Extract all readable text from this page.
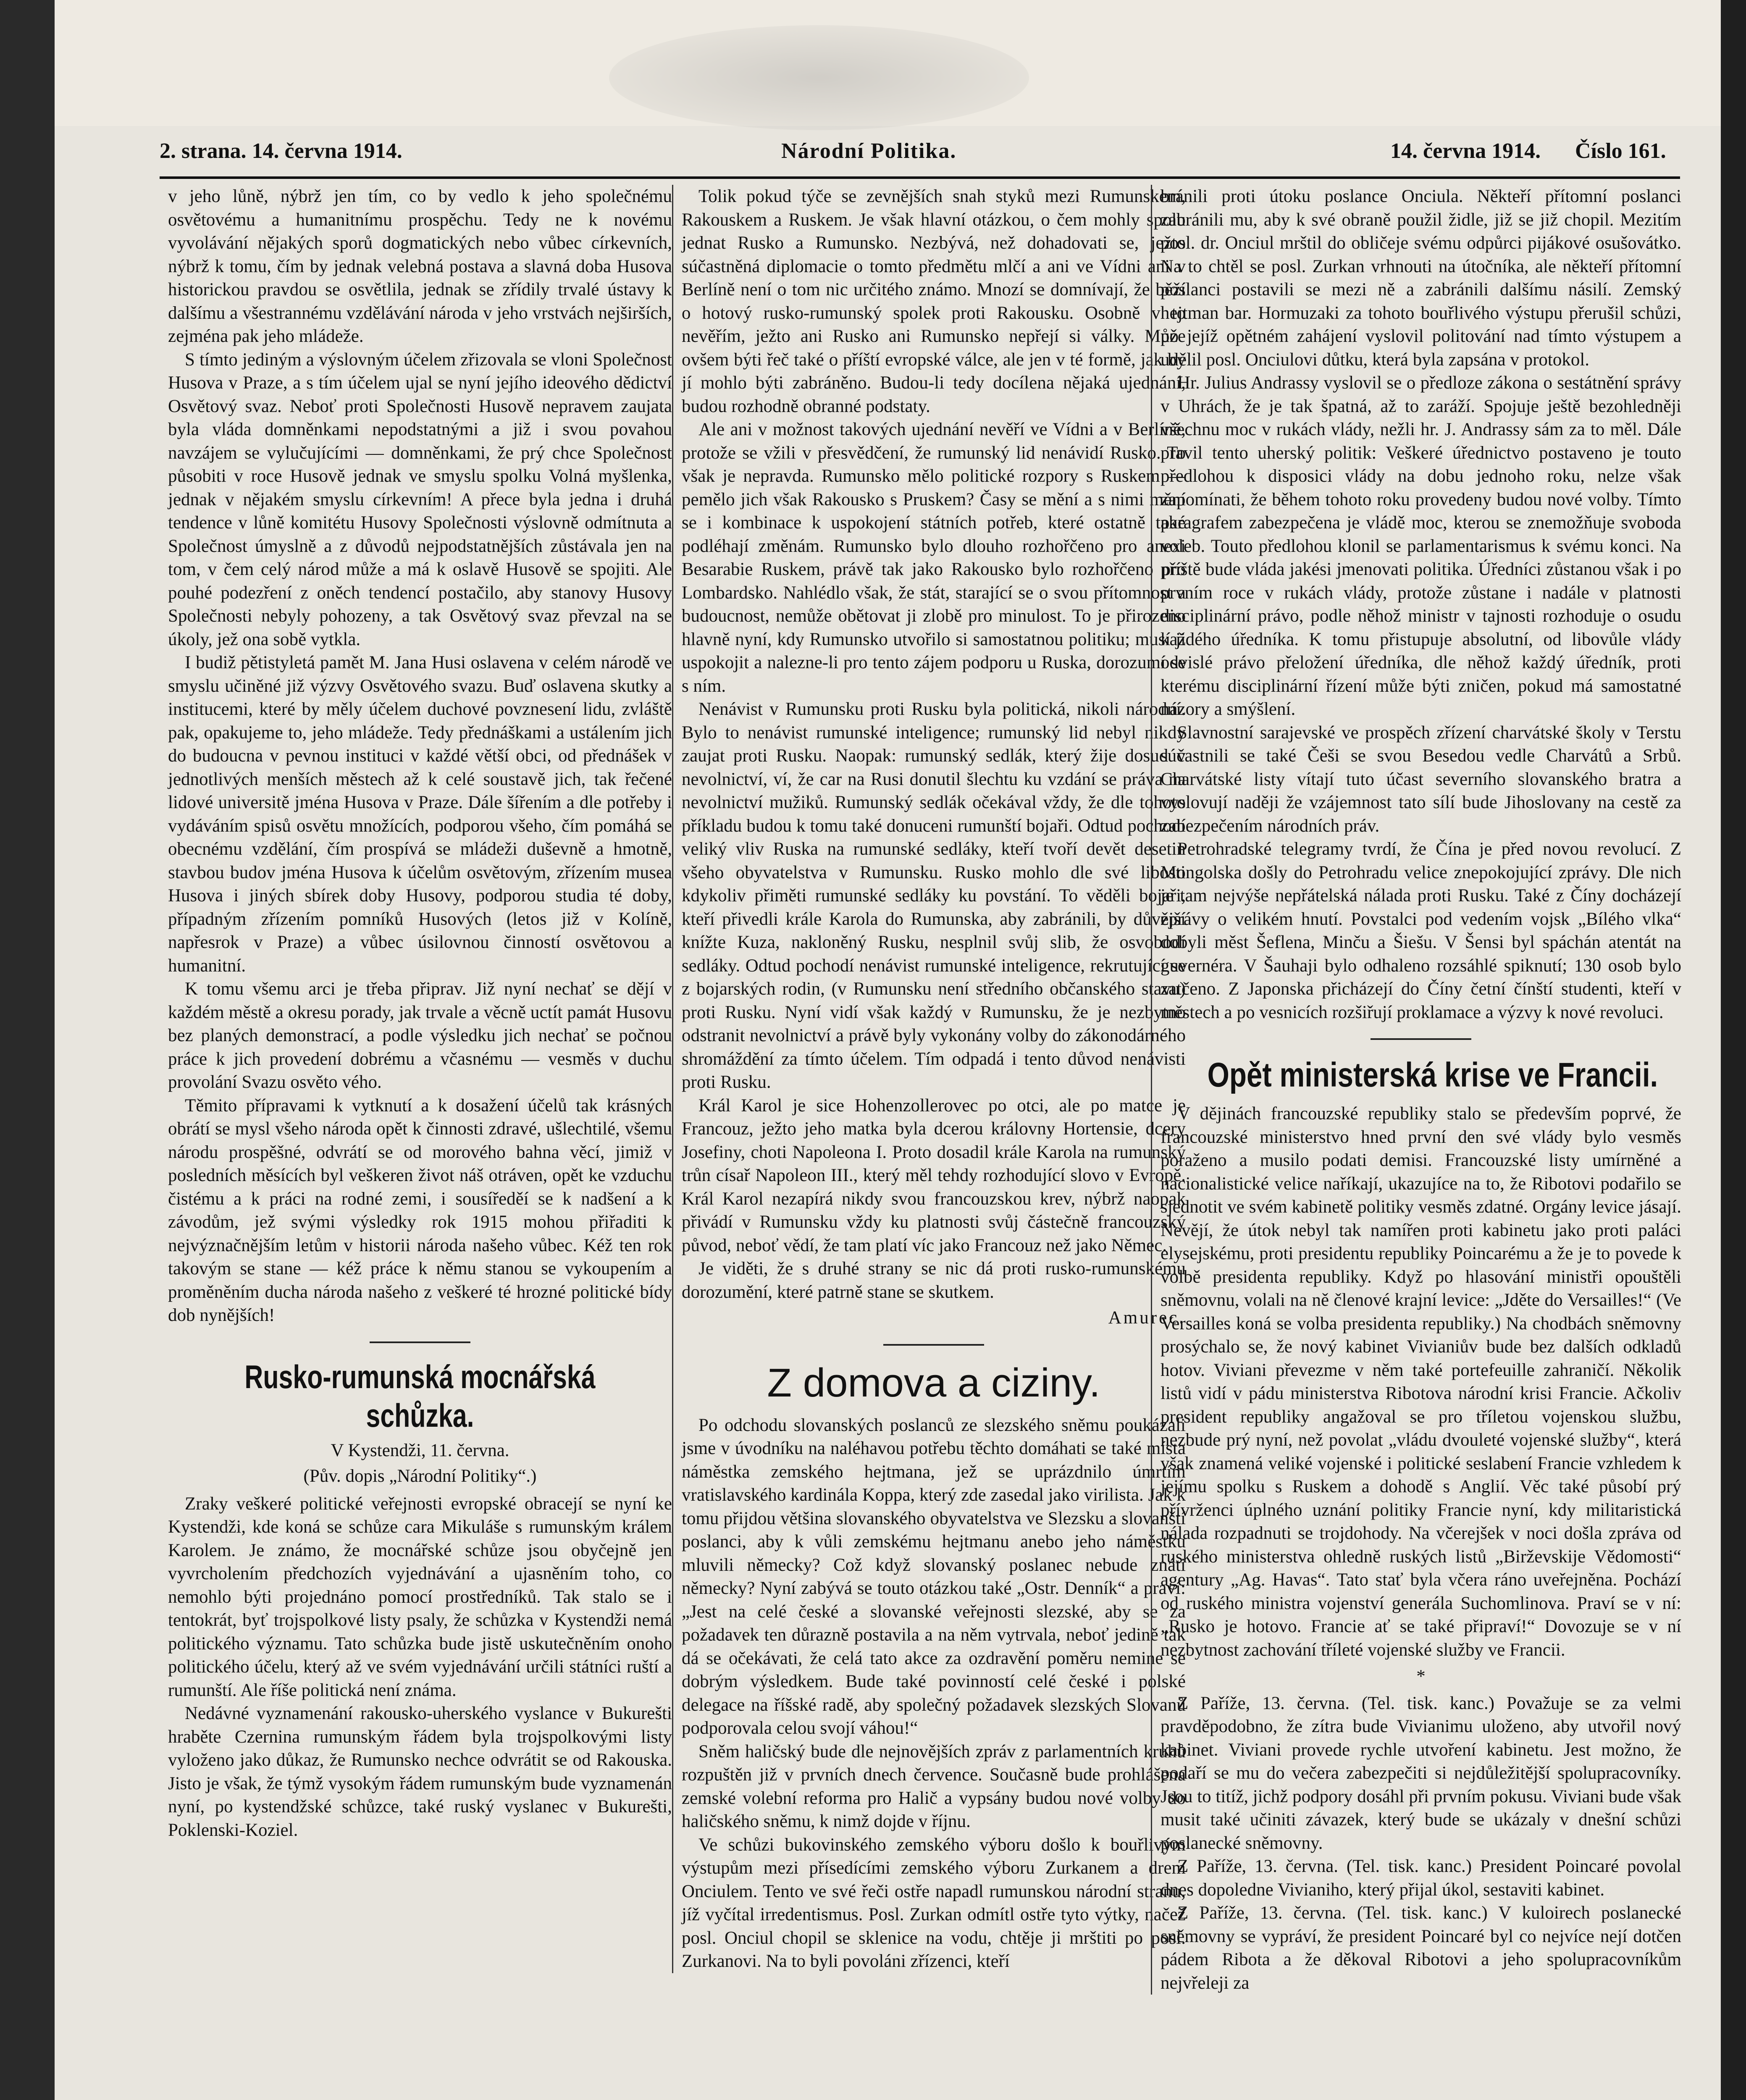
2. strana. 14. června 1914.	Národní Politika.	14. června 1914. Číslo 161.

v jeho lůně, nýbrž jen tím, co by vedlo k jeho společnému osvětovému a humanitnímu prospěchu. Tedy ne k novému vyvolávání nějakých sporů dogmatických nebo vůbec církevních, nýbrž k tomu, čím by jednak velebná postava a slavná doba Husova historickou pravdou se osvětlila, jednak se zřídily trvalé ústavy k dalšímu a všestrannému vzdělávání národa v jeho vrstvách nejširších, zejména pak jeho mládeže.

S tímto jediným a výslovným účelem zřizovala se vloni Společnost Husova v Praze, a s tím účelem ujal se nyní jejího ideového dědictví Osvětový svaz. Neboť proti Společnosti Husově nepravem zaujata byla vláda domněnkami nepodstatnými a již i svou povahou navzájem se vylučujícími — domněnkami, že prý chce Společnost působiti v roce Husově jednak ve smyslu spolku Volná myšlenka, jednak v nějakém smyslu církevním! A přece byla jedna i druhá tendence v lůně komitétu Husovy Společnosti výslovně odmítnuta a Společnost úmyslně a z důvodů nejpodstatnějších zůstávala jen na tom, v čem celý národ může a má k oslavě Husově se spojiti. Ale pouhé podezření z oněch tendencí postačilo, aby stanovy Husovy Společnosti nebyly pohozeny, a tak Osvětový svaz převzal na se úkoly, jež ona sobě vytkla.

I budiž pětistyletá pamět M. Jana Husi oslavena v celém národě ve smyslu učiněné již výzvy Osvětového svazu. Buď oslavena skutky a institucemi, které by měly účelem duchové povznesení lidu, zvláště pak, opakujeme to, jeho mládeže. Tedy přednáškami a ustálením jich do budoucna v pevnou instituci v každé větší obci, od přednášek v jednotlivých menších městech až k celé soustavě jich, tak řečené lidové universitě jména Husova v Praze. Dále šířením a dle potřeby i vydáváním spisů osvětu množících, podporou všeho, čím pomáhá se obecnému vzdělání, čím prospívá se mládeži duševně a hmotně, stavbou budov jména Husova k účelům osvětovým, zřízením musea Husova i jiných sbírek doby Husovy, podporou studia té doby, případným zřízením pomníků Husových (letos již v Kolíně, napřesrok v Praze) a vůbec úsilovnou činností osvětovou a humanitní.

K tomu všemu arci je třeba připrav. Již nyní nechať se dějí v každém městě a okresu porady, jak trvale a věcně uctít památ Husovu bez planých demonstrací, a podle výsledku jich nechať se počnou práce k jich provedení dobrému a včasnému — vesměs v duchu provolání Svazu osvěto vého.

Těmito přípravami k vytknutí a k dosažení účelů tak krásných obrátí se mysl všeho národa opět k činnosti zdravé, ušlechtilé, všemu národu prospěšné, odvrátí se od morového bahna věcí, jimiž v posledních měsících byl veškeren život náš otráven, opět ke vzduchu čistému a k práci na rodné zemi, i sousíředěí se k nadšení a k závodům, jež svými výsledky rok 1915 mohou přiřaditi k nejvýznačnějším letům v historii národa našeho vůbec. Kéž ten rok takovým se stane — kéž práce k němu stanou se vykoupením a proměněním ducha národa našeho z veškeré té hrozné politické bídy dob nynějších!

Rusko-rumunská mocnářská
schůzka.
V Kystendži, 11. června.
(Pův. dopis „Národní Politiky“.)

Zraky veškeré politické veřejnosti evropské obracejí se nyní ke Kystendži, kde koná se schůze cara Mikuláše s rumunským králem Karolem. Je známo, že mocnářské schůze jsou obyčejně jen vyvrcholením předchozích vyjednávání a ujasněním toho, co nemohlo býti projednáno pomocí prostředníků. Tak stalo se i tentokrát, byť trojspolkové listy psaly, že schůzka v Kystendži nemá politického významu. Tato schůzka bude jistě uskutečněním onoho politického účelu, který až ve svém vyjednávání určili státníci ruští a rumunští. Ale říše politická není známa.

Nedávné vyznamenání rakousko-uherského vyslance v Bukurešti hraběte Czernina rumunským řádem byla trojspolkovými listy vyloženo jako důkaz, že Rumunsko nechce odvrátit se od Rakouska. Jisto je však, že týmž vysokým řádem rumunským bude vyznamenán nyní, po kystendžské schůzce, také ruský vyslanec v Bukurešti, Poklenski-Koziel.

Tolik pokud týče se zevnějších snah styků mezi Rumunskem, Rakouskem a Ruskem. Je však hlavní otázkou, o čem mohly spolu jednat Rusko a Rumunsko. Nezbývá, než dohadovati se, ježto súčastněná diplomacie o tomto předmětu mlčí a ani ve Vídni ani v Berlíně není o tom nic určitého známo. Mnozí se domnívají, že běží o hotový rusko-rumunský spolek proti Rakousku. Osobně v to nevěřím, ježto ani Rusko ani Rumunsko nepřejí si války. Může ovšem býti řeč také o příští evropské válce, ale jen v té formě, jak by jí mohlo býti zabráněno. Budou-li tedy docílena nějaká ujednání, budou rozhodně obranné podstaty.

Ale ani v možnost takových ujednání nevěří ve Vídni a v Berlíně, protože se vžili v přesvědčení, že rumunský lid nenávidí Rusko. To však je nepravda. Rumunsko mělo politické rozpory s Ruskem — pemělo jich však Rakousko s Pruskem? Časy se mění a s nimi mění se i kombinace k uspokojení státních potřeb, které ostatně také podléhají změnám. Rumunsko bylo dlouho rozhořčeno pro anexi Besarabie Ruskem, právě tak jako Rakousko bylo rozhořčeno pro Lombardsko. Nahlédlo však, že stát, starající se o svou přítomnost a budoucnost, nemůže obětovat ji zlobě pro minulost. To je přirozeno hlavně nyní, kdy Rumunsko utvořilo si samostatnou politiku; musí ji uspokojit a nalezne-li pro tento zájem podporu u Ruska, dorozumí se s ním.

Nenávist v Rumunsku proti Rusku byla politická, nikoli národní. Bylo to nenávist rumunské inteligence; rumunský lid nebyl nikdy zaujat proti Rusku. Naopak: rumunský sedlák, který žije dosud v nevolnictví, ví, že car na Rusi donutil šlechtu ku vzdání se práva na nevolnictví mužiků. Rumunský sedlák očekával vždy, že dle tohoto příkladu budou k tomu také donuceni rumunští bojaři. Odtud pochodí veliký vliv Ruska na rumunské sedláky, kteří tvoří devět desetin všeho obyvatelstva v Rumunsku. Rusko mohlo dle své libosti kdykoliv přiměti rumunské sedláky ku povstání. To věděli bojaři, kteří přivedli krále Karola do Rumunska, aby zabránili, by důvější knížte Kuza, nakloněný Rusku, nesplnil svůj slib, že osvobodí sedláky. Odtud pochodí nenávist rumunské inteligence, rekrutující se z bojarských rodin, (v Rumunsku není středního občanského stavu) proti Rusku. Nyní vidí však každý v Rumunsku, že je nezbytno odstranit nevolnictví a právě byly vykonány volby do zákonodárného shromáždění za tímto účelem. Tím odpadá i tento důvod nenávisti proti Rusku.

Král Karol je sice Hohenzollerovec po otci, ale po matce je Francouz, ježto jeho matka byla dcerou královny Hortensie, dcery Josefiny, choti Napoleona I. Proto dosadil krále Karola na rumunský trůn císař Napoleon III., který měl tehdy rozhodující slovo v Evropě. Král Karol nezapírá nikdy svou francouzskou krev, nýbrž naopak přivádí v Rumunsku vždy ku platnosti svůj částečně francouzský původ, neboť vědí, že tam platí víc jako Francouz než jako Němec.

Je viděti, že s druhé strany se nic dá proti rusko-rumunskému dorozumění, které patrně stane se skutkem.

Amurec.
Z domova a ciziny.

Po odchodu slovanských poslanců ze slezského sněmu poukázali jsme v úvodníku na naléhavou potřebu těchto domáhati se také místa náměstka zemského hejtmana, jež se uprázdnilo úmrtím vratislavského kardinála Koppa, který zde zasedal jako virilista. Jak k tomu přijdou většina slovanského obyvatelstva ve Slezsku a slovanští poslanci, aby k vůli zemskému hejtmanu anebo jeho náměstku mluvili německy? Což když slovanský poslanec nebude znáti německy? Nyní zabývá se touto otázkou také „Ostr. Denník“ a praví: „Jest na celé české a slovanské veřejnosti slezské, aby se za požadavek ten důrazně postavila a na něm vytrvala, neboť jedině tak dá se očekávati, že celá tato akce za ozdravění poměru nemine se dobrým výsledkem. Bude také povinností celé české i polské delegace na říšské radě, aby společný požadavek slezských Slovanů podporovala celou svojí váhou!“

Sněm haličský bude dle nejnovějších zpráv z parlamentních kruhů rozpuštěn již v prvních dnech července. Současně bude prohlášena zemské volební reforma pro Halič a vypsány budou nové volby do haličského sněmu, k nimž dojde v říjnu.

Ve schůzi bukovinského zemského výboru došlo k bouřlivým výstupům mezi přísedícími zemského výboru Zurkanem a drem Onciulem. Tento ve své řeči ostře napadl rumunskou národní stranu, jíž vyčítal irredentismus. Posl. Zurkan odmítl ostře tyto výtky, načež posl. Onciul chopil se sklenice na vodu, chtěje ji mrštiti po posl. Zurkanovi. Na to byli povoláni zřízenci, kteří

bránili proti útoku poslance Onciula. Někteří přítomní poslanci zabránili mu, aby k své obraně použil židle, již se již chopil. Mezitím posl. dr. Onciul mrštil do obličeje svému odpůrci pijákové osušovátko. Na to chtěl se posl. Zurkan vrhnouti na útočníka, ale někteří přítomní poslanci postavili se mezi ně a zabránili dalšímu násilí. Zemský hejtman bar. Hormuzaki za tohoto bouřlivého výstupu přerušil schůzi, po jejíž opětném zahájení vyslovil politování nad tímto výstupem a udělil posl. Onciulovi důtku, která byla zapsána v protokol.

Hr. Julius Andrassy vyslovil se o předloze zákona o sestátnění správy v Uhrách, že je tak špatná, až to zaráží. Spojuje ještě bezohledněji všechnu moc v rukách vlády, nežli hr. J. Andrassy sám za to měl. Dále pravil tento uherský politik: Veškeré úřednictvo postaveno je touto předlohou k disposici vlády na dobu jednoho roku, nelze však zapomínati, že během tohoto roku provedeny budou nové volby. Tímto paragrafem zabezpečena je vládě moc, kterou se znemožňuje svoboda voleb. Touto předlohou klonil se parlamentarismus k svému konci. Na příště bude vláda jakési jmenovati politika. Úředníci zůstanou však i po prvním roce v rukách vlády, protože zůstane i nadále v platnosti disciplinární právo, podle něhož ministr v tajnosti rozhoduje o osudu každého úředníka. K tomu přistupuje absolutní, od libovůle vlády odvislé právo přeložení úředníka, dle něhož každý úředník, proti kterému disciplinární řízení může býti zničen, pokud má samostatné názory a smýšlení.

Slavnostní sarajevské ve prospěch zřízení charvátské školy v Terstu súčastnili se také Češi se svou Besedou vedle Charvátů a Srbů. Charvátské listy vítají tuto účast severního slovanského bratra a vyslovují naději že vzájemnost tato sílí bude Jihoslovany na cestě za zabezpečením národních práv.

Petrohradské telegramy tvrdí, že Čína je před novou revolucí. Z Mongolska došly do Petrohradu velice znepokojující zprávy. Dle nich je tam nejvýše nepřátelská nálada proti Rusku. Také z Číny docházejí zprávy o velikém hnutí. Povstalci pod vedením vojsk „Bílého vlka“ dobyli měst Šeflena, Minču a Šiešu. V Šensi byl spáchán atentát na guvernéra. V Šauhaji bylo odhaleno rozsáhlé spiknutí; 130 osob bylo zatčeno. Z Japonska přicházejí do Číny četní čínští studenti, kteří v městech a po vesnicích rozšiřují proklamace a výzvy k nové revoluci.

Opět ministerská krise ve Francii.

V dějinách francouzské republiky stalo se především poprvé, že francouzské ministerstvo hned první den své vlády bylo vesměs poraženo a musilo podati demisi. Francouzské listy umírněné a nacionalistické velice naříkají, ukazujíce na to, že Ribotovi podařilo se sjednotit ve svém kabinetě politiky vesměs zdatné. Orgány levice jásají. Nevějí, že útok nebyl tak namířen proti kabinetu jako proti paláci elysejskému, proti presidentu republiky Poincarému a že je to povede k volbě presidenta republiky. Když po hlasování ministři opouštěli sněmovnu, volali na ně členové krajní levice: „Jděte do Versailles!“ (Ve Versailles koná se volba presidenta republiky.) Na chodbách sněmovny prosýchalo se, že nový kabinet Vivianiův bude bez dalších odkladů hotov. Viviani převezme v něm také portefeuille zahraničí. Několik listů vidí v pádu ministerstva Ribotova národní krisi Francie. Ačkoliv president republiky angažoval se pro tříletou vojenskou službu, nezbude prý nyní, než povolat „vládu dvouleté vojenské služby“, která však znamená veliké vojenské i politické seslabení Francie vzhledem k jejímu spolku s Ruskem a dohodě s Anglií. Věc také působí prý přívrženci úplného uznání politiky Francie nyní, kdy militaristická nálada rozpadnuti se trojdohody. Na včerejšek v noci došla zpráva od ruského ministerstva ohledně ruských listů „Birževskije Vědomosti“ agentury „Ag. Havas“. Tato stať byla včera ráno uveřejněna. Pochází od ruského ministra vojenství generála Suchomlinova. Praví se v ní: „Rusko je hotovo. Francie ať se také připraví!“ Dovozuje se v ní nezbytnost zachování tříleté vojenské služby ve Francii.

*

Z Paříže, 13. června. (Tel. tisk. kanc.) Považuje se za velmi pravděpodobno, že zítra bude Vivianimu uloženo, aby utvořil nový kabinet. Viviani provede rychle utvoření kabinetu. Jest možno, že podaří se mu do večera zabezpečiti si nejdůležitější spolupracovníky. Jsou to titíž, jichž podpory dosáhl při prvním pokusu. Viviani bude však musit také učiniti závazek, který bude se ukázaly v dnešní schůzi poslanecké sněmovny.

Z Paříže, 13. června. (Tel. tisk. kanc.) President Poincaré povolal dnes dopoledne Vivianiho, který přijal úkol, sestaviti kabinet.

Z Paříže, 13. června. (Tel. tisk. kanc.) V kuloirech poslanecké sněmovny se vypráví, že president Poincaré byl co nejvíce nejí dotčen pádem Ribota a že děkoval Ribotovi a jeho spolupracovníkům nejvřeleji za
